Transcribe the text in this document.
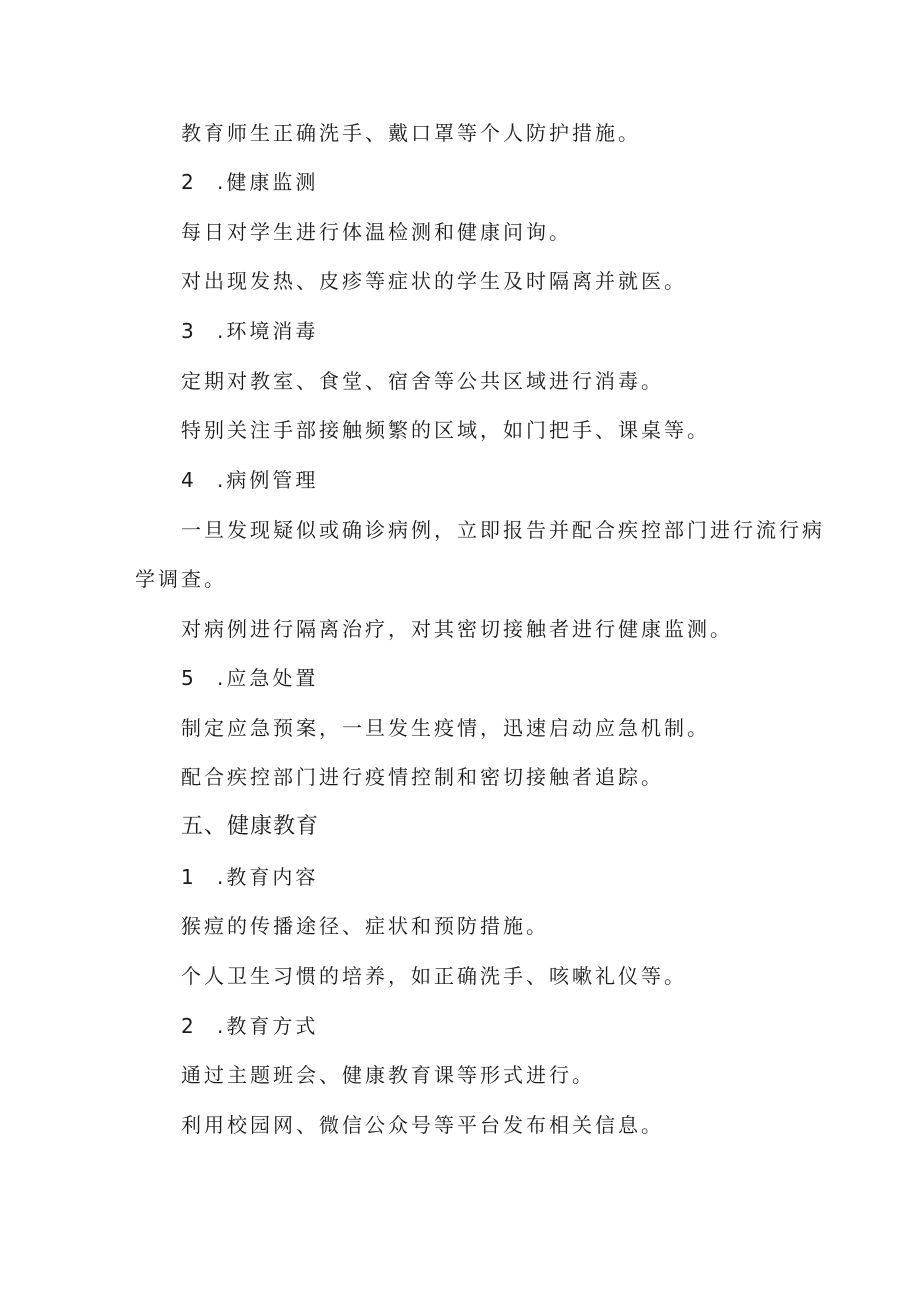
教育师生正确洗手、戴口罩等个人防护措施。
2 .健康监测
每日对学生进行体温检测和健康问询。
对出现发热、皮疹等症状的学生及时隔离并就医。
3 .环境消毒
定期对教室、食堂、宿舍等公共区域进行消毒。
特别关注手部接触频繁的区域，如门把手、课桌等。
4 .病例管理
一旦发现疑似或确诊病例，立即报告并配合疾控部门进行流行病
学调查。
对病例进行隔离治疗，对其密切接触者进行健康监测。
5 .应急处置
制定应急预案，一旦发生疫情，迅速启动应急机制。
配合疾控部门进行疫情控制和密切接触者追踪。
五、健康教育
1 .教育内容
猴痘的传播途径、症状和预防措施。
个人卫生习惯的培养，如正确洗手、咳嗽礼仪等。
2 .教育方式
通过主题班会、健康教育课等形式进行。
利用校园网、微信公众号等平台发布相关信息。
